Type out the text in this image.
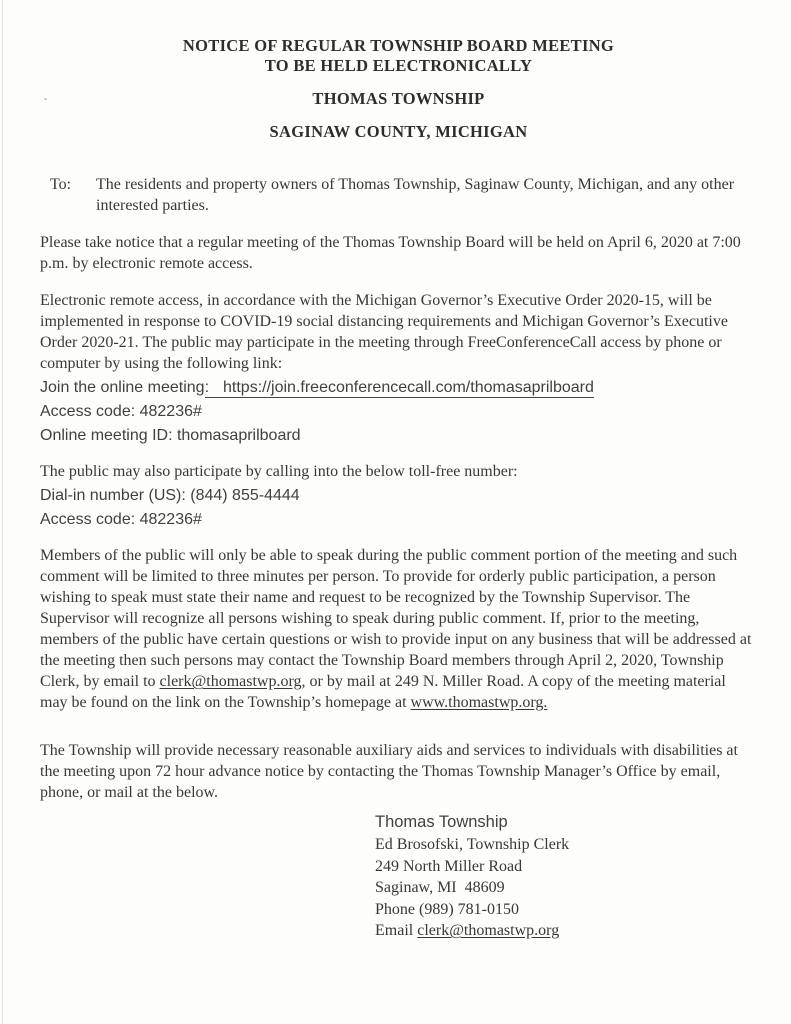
NOTICE OF REGULAR TOWNSHIP BOARD MEETING
TO BE HELD ELECTRONICALLY
THOMAS TOWNSHIP
SAGINAW COUNTY, MICHIGAN
To:	The residents and property owners of Thomas Township, Saginaw County, Michigan, and any other interested parties.

Please take notice that a regular meeting of the Thomas Township Board will be held on April 6, 2020 at 7:00 p.m. by electronic remote access.

Electronic remote access, in accordance with the Michigan Governor’s Executive Order 2020-15, will be implemented in response to COVID-19 social distancing requirements and Michigan Governor’s Executive Order 2020-21. The public may participate in the meeting through FreeConferenceCall access by phone or computer by using the following link:

Join the online meeting: https://join.freeconferencecall.com/thomasaprilboard
Access code: 482236#
Online meeting ID: thomasaprilboard

The public may also participate by calling into the below toll-free number:

Dial-in number (US): (844) 855-4444
Access code: 482236#

Members of the public will only be able to speak during the public comment portion of the meeting and such comment will be limited to three minutes per person. To provide for orderly public participation, a person wishing to speak must state their name and request to be recognized by the Township Supervisor. The Supervisor will recognize all persons wishing to speak during public comment. If, prior to the meeting, members of the public have certain questions or wish to provide input on any business that will be addressed at the meeting then such persons may contact the Township Board members through April 2, 2020, Township Clerk, by email to clerk@thomastwp.org, or by mail at 249 N. Miller Road. A copy of the meeting material may be found on the link on the Township’s homepage at www.thomastwp.org.

The Township will provide necessary reasonable auxiliary aids and services to individuals with disabilities at the meeting upon 72 hour advance notice by contacting the Thomas Township Manager’s Office by email, phone, or mail at the below.

Thomas Township
Ed Brosofski, Township Clerk
249 North Miller Road
Saginaw, MI  48609
Phone (989) 781-0150
Email clerk@thomastwp.org
